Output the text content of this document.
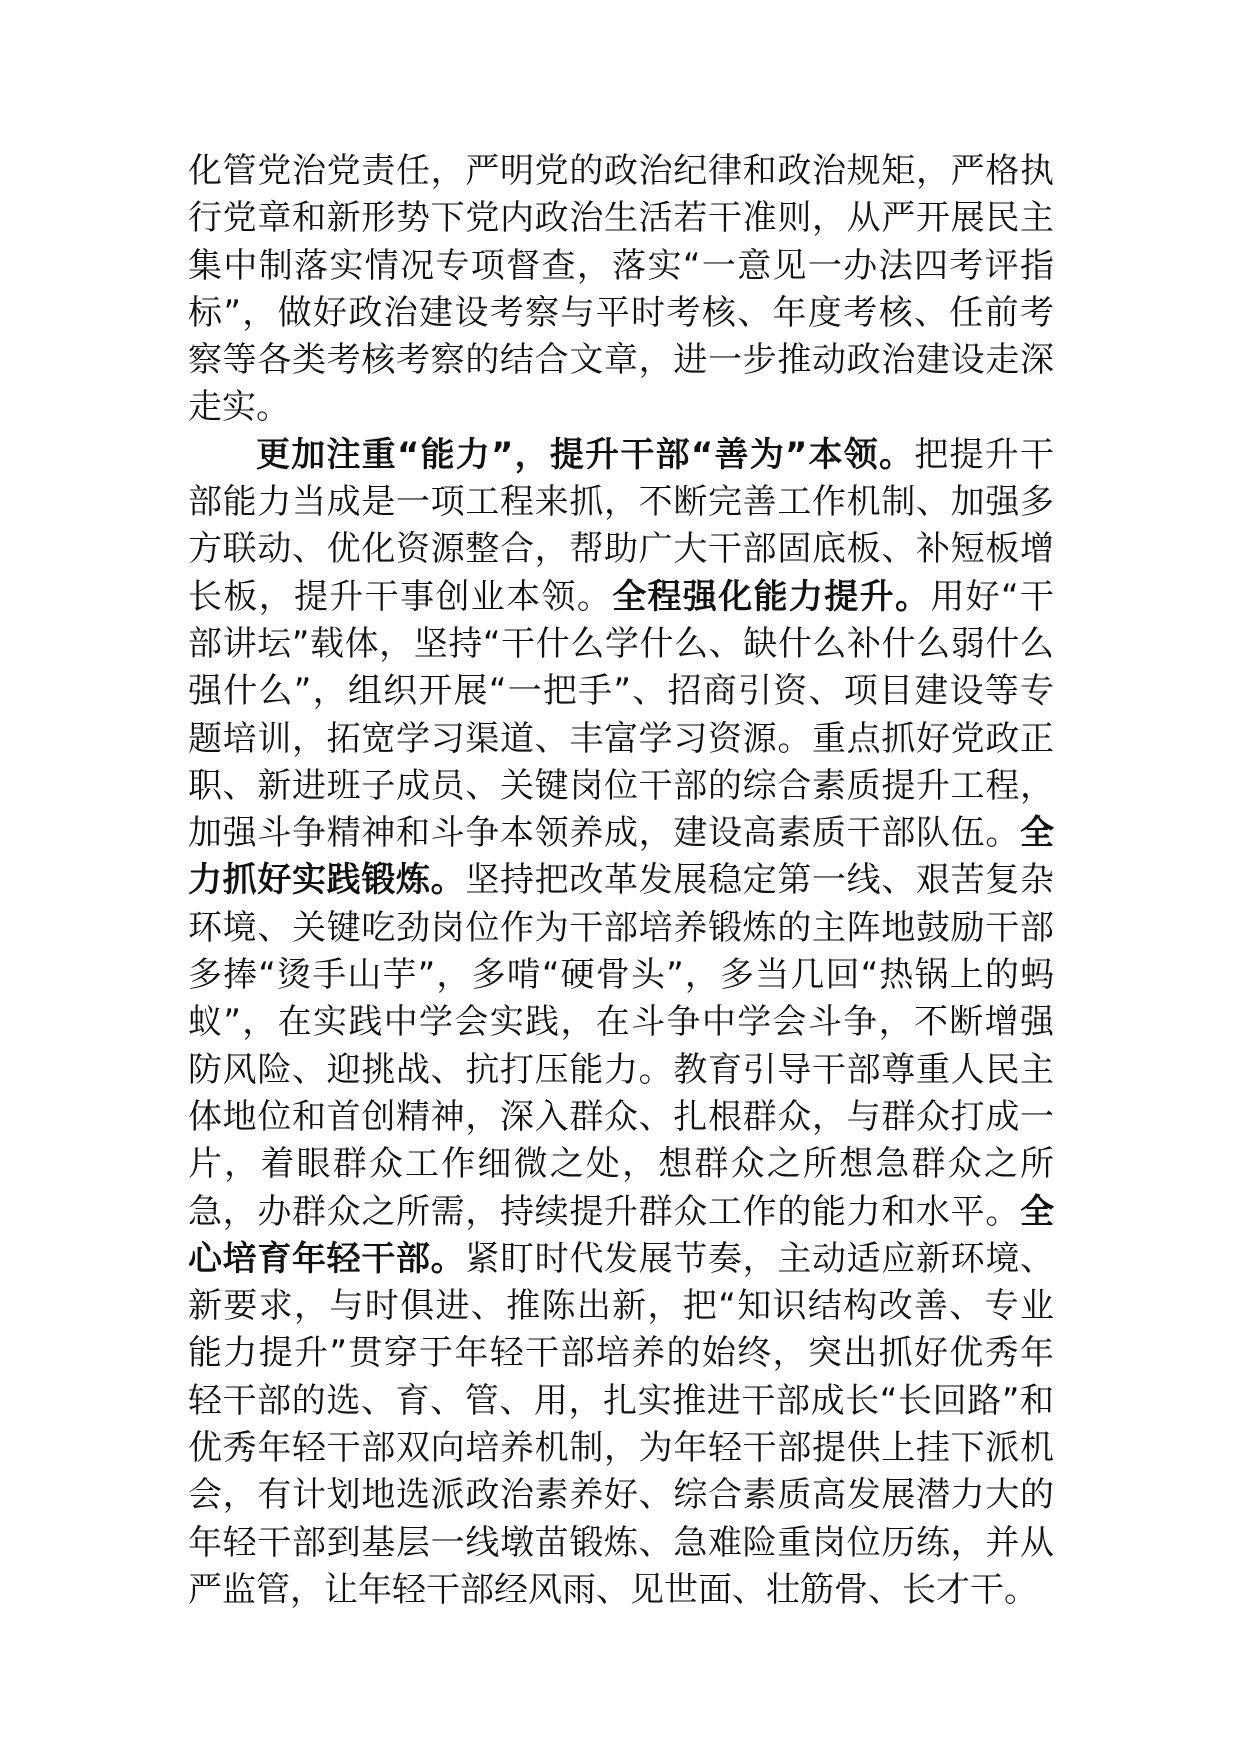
化管党治党责任，严明党的政治纪律和政治规矩，严格执行党章和新形势下党内政治生活若干准则，从严开展民主集中制落实情况专项督查，落实“一意见一办法四考评指标”，做好政治建设考察与平时考核、年度考核、任前考察等各类考核考察的结合文章，进一步推动政治建设走深走实。

更加注重“能力”，提升干部“善为”本领。把提升干部能力当成是一项工程来抓，不断完善工作机制、加强多方联动、优化资源整合，帮助广大干部固底板、补短板增长板，提升干事创业本领。全程强化能力提升。用好“干部讲坛”载体，坚持“干什么学什么、缺什么补什么弱什么强什么”，组织开展“一把手”、招商引资、项目建设等专题培训，拓宽学习渠道、丰富学习资源。重点抓好党政正职、新进班子成员、关键岗位干部的综合素质提升工程，加强斗争精神和斗争本领养成，建设高素质干部队伍。全力抓好实践锻炼。坚持把改革发展稳定第一线、艰苦复杂环境、关键吃劲岗位作为干部培养锻炼的主阵地鼓励干部多捧“烫手山芋”，多啃“硬骨头”，多当几回“热锅上的蚂蚁”，在实践中学会实践，在斗争中学会斗争，不断增强防风险、迎挑战、抗打压能力。教育引导干部尊重人民主体地位和首创精神，深入群众、扎根群众，与群众打成一片，着眼群众工作细微之处，想群众之所想急群众之所急，办群众之所需，持续提升群众工作的能力和水平。全心培育年轻干部。紧盯时代发展节奏，主动适应新环境、新要求，与时俱进、推陈出新，把“知识结构改善、专业能力提升”贯穿于年轻干部培养的始终，突出抓好优秀年轻干部的选、育、管、用，扎实推进干部成长“长回路”和优秀年轻干部双向培养机制，为年轻干部提供上挂下派机会，有计划地选派政治素养好、综合素质高发展潜力大的年轻干部到基层一线墩苗锻炼、急难险重岗位历练，并从严监管，让年轻干部经风雨、见世面、壮筋骨、长才干。
